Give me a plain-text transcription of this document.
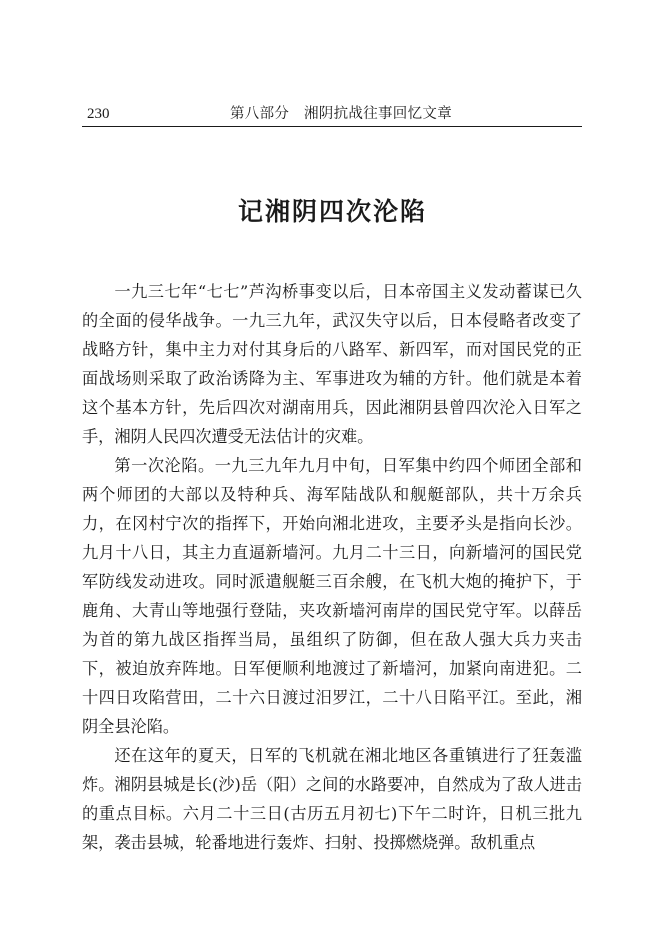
230	第八部分　湘阴抗战往事回忆文章
记湘阴四次沦陷

一九三七年“七七”芦沟桥事变以后，日本帝国主义发动蓄谋已久的全面的侵华战争。一九三九年，武汉失守以后，日本侵略者改变了战略方针，集中主力对付其身后的八路军、新四军，而对国民党的正面战场则采取了政治诱降为主、军事进攻为辅的方针。他们就是本着这个基本方针，先后四次对湖南用兵，因此湘阴县曾四次沦入日军之手，湘阴人民四次遭受无法估计的灾难。

第一次沦陷。一九三九年九月中旬，日军集中约四个师团全部和两个师团的大部以及特种兵、海军陆战队和舰艇部队，共十万余兵力，在冈村宁次的指挥下，开始向湘北进攻，主要矛头是指向长沙。九月十八日，其主力直逼新墙河。九月二十三日，向新墙河的国民党军防线发动进攻。同时派遣舰艇三百余艘，在飞机大炮的掩护下，于鹿角、大青山等地强行登陆，夹攻新墙河南岸的国民党守军。以薛岳为首的第九战区指挥当局，虽组织了防御，但在敌人强大兵力夹击下，被迫放弃阵地。日军便顺利地渡过了新墙河，加紧向南进犯。二十四日攻陷营田，二十六日渡过汨罗江，二十八日陷平江。至此，湘阴全县沦陷。

还在这年的夏天，日军的飞机就在湘北地区各重镇进行了狂轰滥炸。湘阴县城是长(沙)岳（阳）之间的水路要冲，自然成为了敌人进击的重点目标。六月二十三日(古历五月初七)下午二时许，日机三批九架，袭击县城，轮番地进行轰炸、扫射、投掷燃烧弹。敌机重点
